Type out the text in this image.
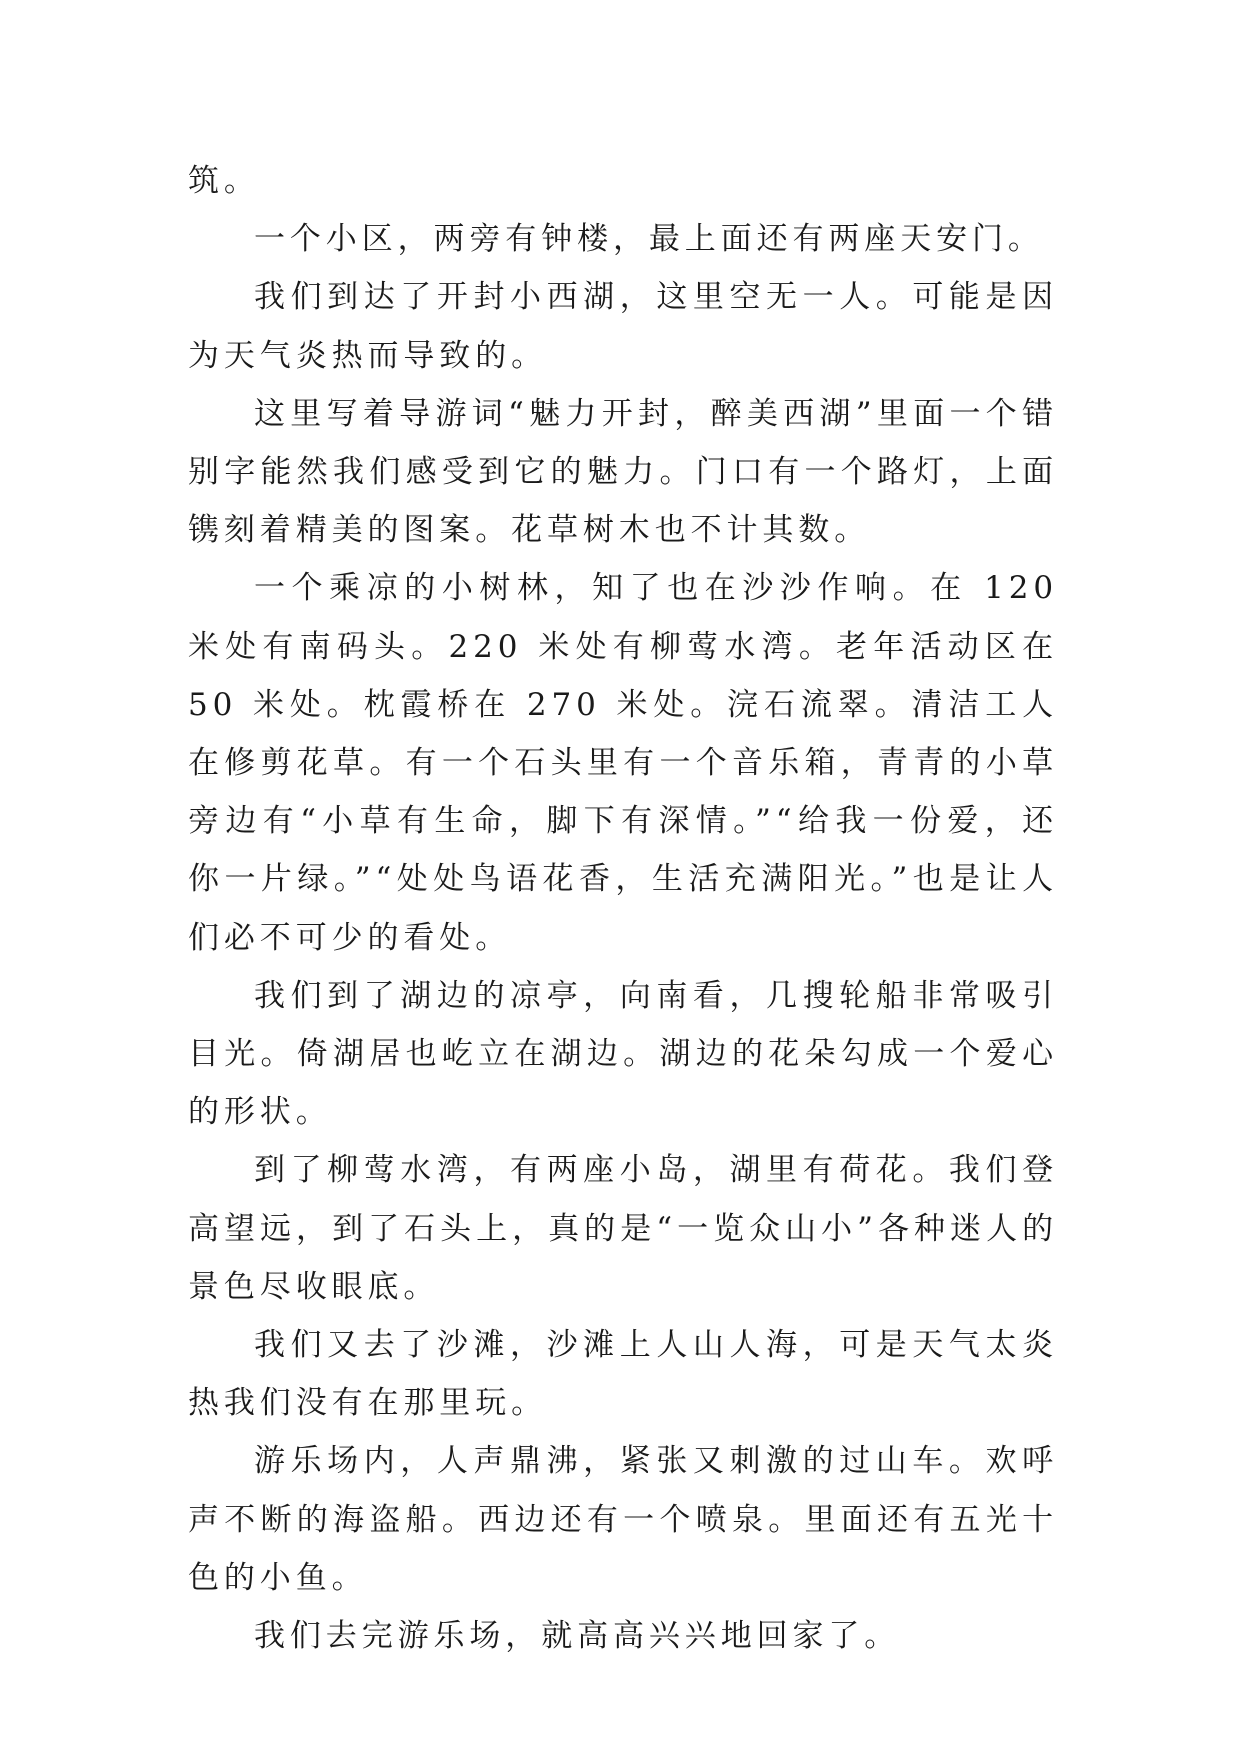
筑。

一个小区，两旁有钟楼，最上面还有两座天安门。

我们到达了开封小西湖，这里空无一人。可能是因为天气炎热而导致的。

这里写着导游词“魅力开封，醉美西湖”里面一个错别字能然我们感受到它的魅力。门口有一个路灯，上面镌刻着精美的图案。花草树木也不计其数。

一个乘凉的小树林，知了也在沙沙作响。在 120 米处有南码头。220 米处有柳莺水湾。老年活动区在 50 米处。枕霞桥在 270 米处。浣石流翠。清洁工人在修剪花草。有一个石头里有一个音乐箱，青青的小草旁边有“小草有生命，脚下有深情。”“给我一份爱，还你一片绿。”“处处鸟语花香，生活充满阳光。”也是让人们必不可少的看处。

我们到了湖边的凉亭，向南看，几搜轮船非常吸引目光。倚湖居也屹立在湖边。湖边的花朵勾成一个爱心的形状。

到了柳莺水湾，有两座小岛，湖里有荷花。我们登高望远，到了石头上，真的是“一览众山小”各种迷人的景色尽收眼底。

我们又去了沙滩，沙滩上人山人海，可是天气太炎热我们没有在那里玩。

游乐场内，人声鼎沸，紧张又刺激的过山车。欢呼声不断的海盗船。西边还有一个喷泉。里面还有五光十色的小鱼。

我们去完游乐场，就高高兴兴地回家了。
